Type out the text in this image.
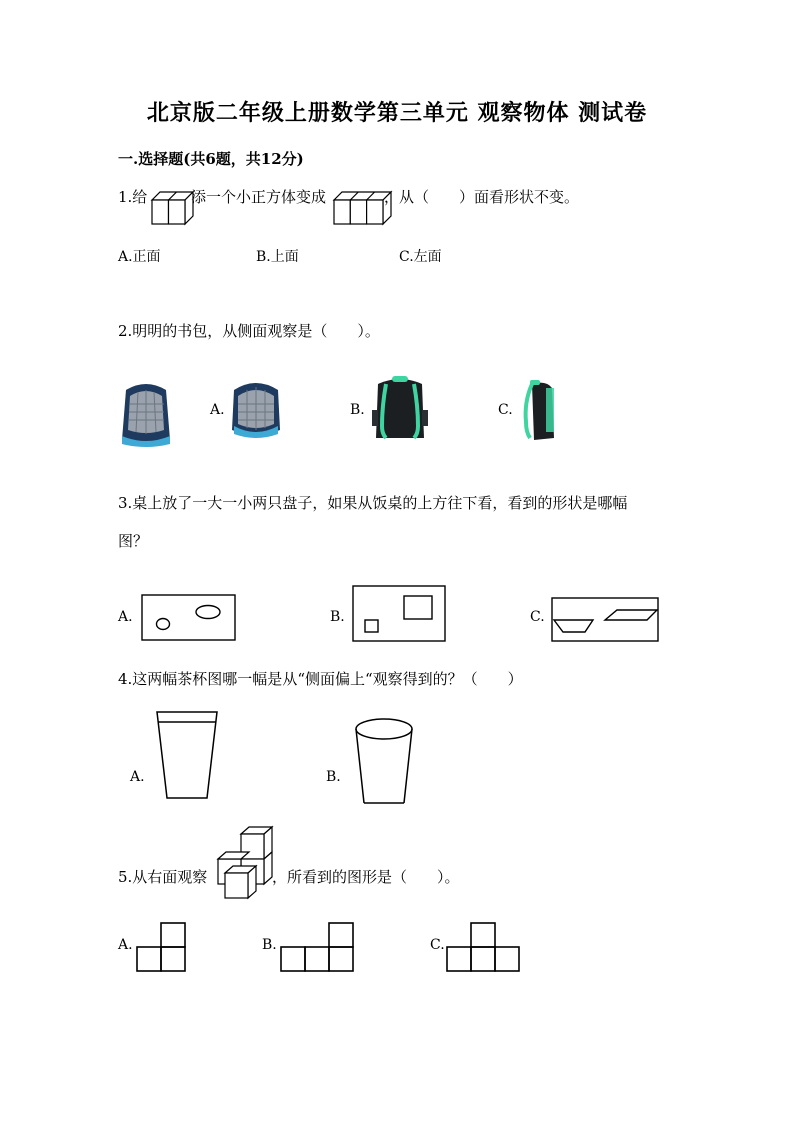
北京版二年级上册数学第三单元 观察物体 测试卷
一.选择题(共6题，共12分)
1.给	添一个小正方体变成	，从（　　）面看形状不变。
A.正面	B.上面	C.左面
2.明明的书包，从侧面观察是（　　）。
A.	B.	C.
3.桌上放了一大一小两只盘子，如果从饭桌的上方往下看，看到的形状是哪幅
图？
A.	B.	C.
4.这两幅茶杯图哪一幅是从“侧面偏上“观察得到的？（　　）
A.	B.
5.从右面观察	，所看到的图形是（　　）。
A.	B.	C.
